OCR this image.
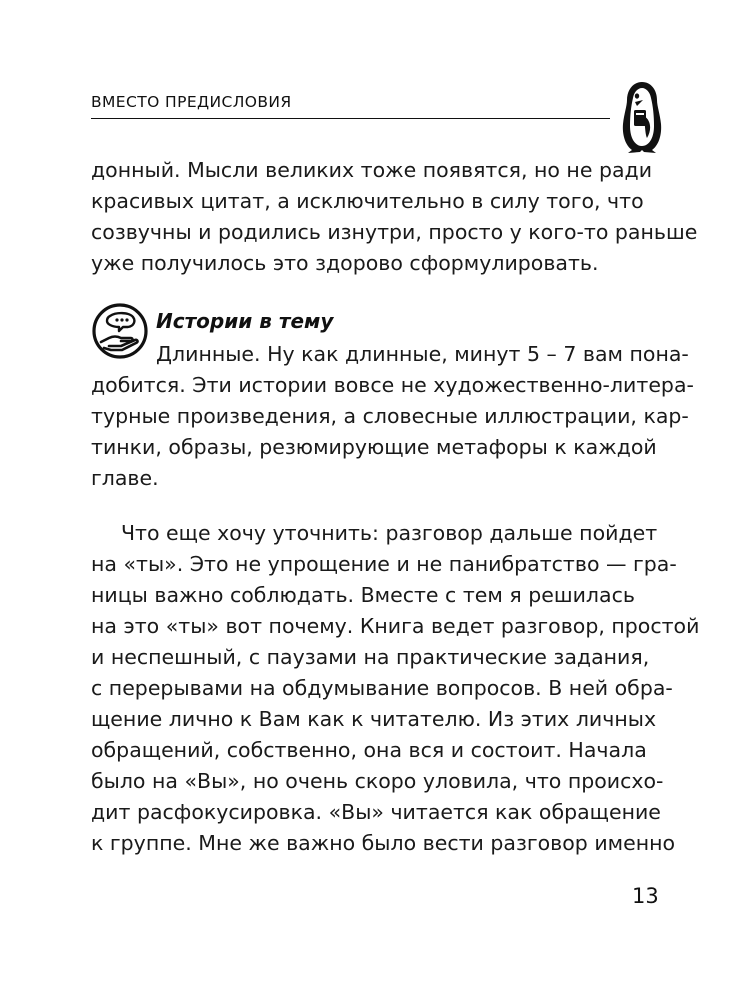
ВМЕСТО ПРЕДИСЛОВИЯ
донный. Мысли великих тоже появятся, но не ради
красивых цитат, а исключительно в силу того, что
созвучны и родились изнутри, просто у кого-то раньше
уже получилось это здорово сформулировать.
Истории в тему
Длинные. Ну как длинные, минут 5 – 7 вам пона-
добится. Эти истории вовсе не художественно-литера-
турные произведения, а словесные иллюстрации, кар-
тинки, образы, резюмирующие метафоры к каждой
главе.
Что еще хочу уточнить: разговор дальше пойдет
на «ты». Это не упрощение и не панибратство — гра-
ницы важно соблюдать. Вместе с тем я решилась
на это «ты» вот почему. Книга ведет разговор, простой
и неспешный, с паузами на практические задания,
с перерывами на обдумывание вопросов. В ней обра-
щение лично к Вам как к читателю. Из этих личных
обращений, собственно, она вся и состоит. Начала
было на «Вы», но очень скоро уловила, что происхо-
дит расфокусировка. «Вы» читается как обращение
к группе. Мне же важно было вести разговор именно
13
